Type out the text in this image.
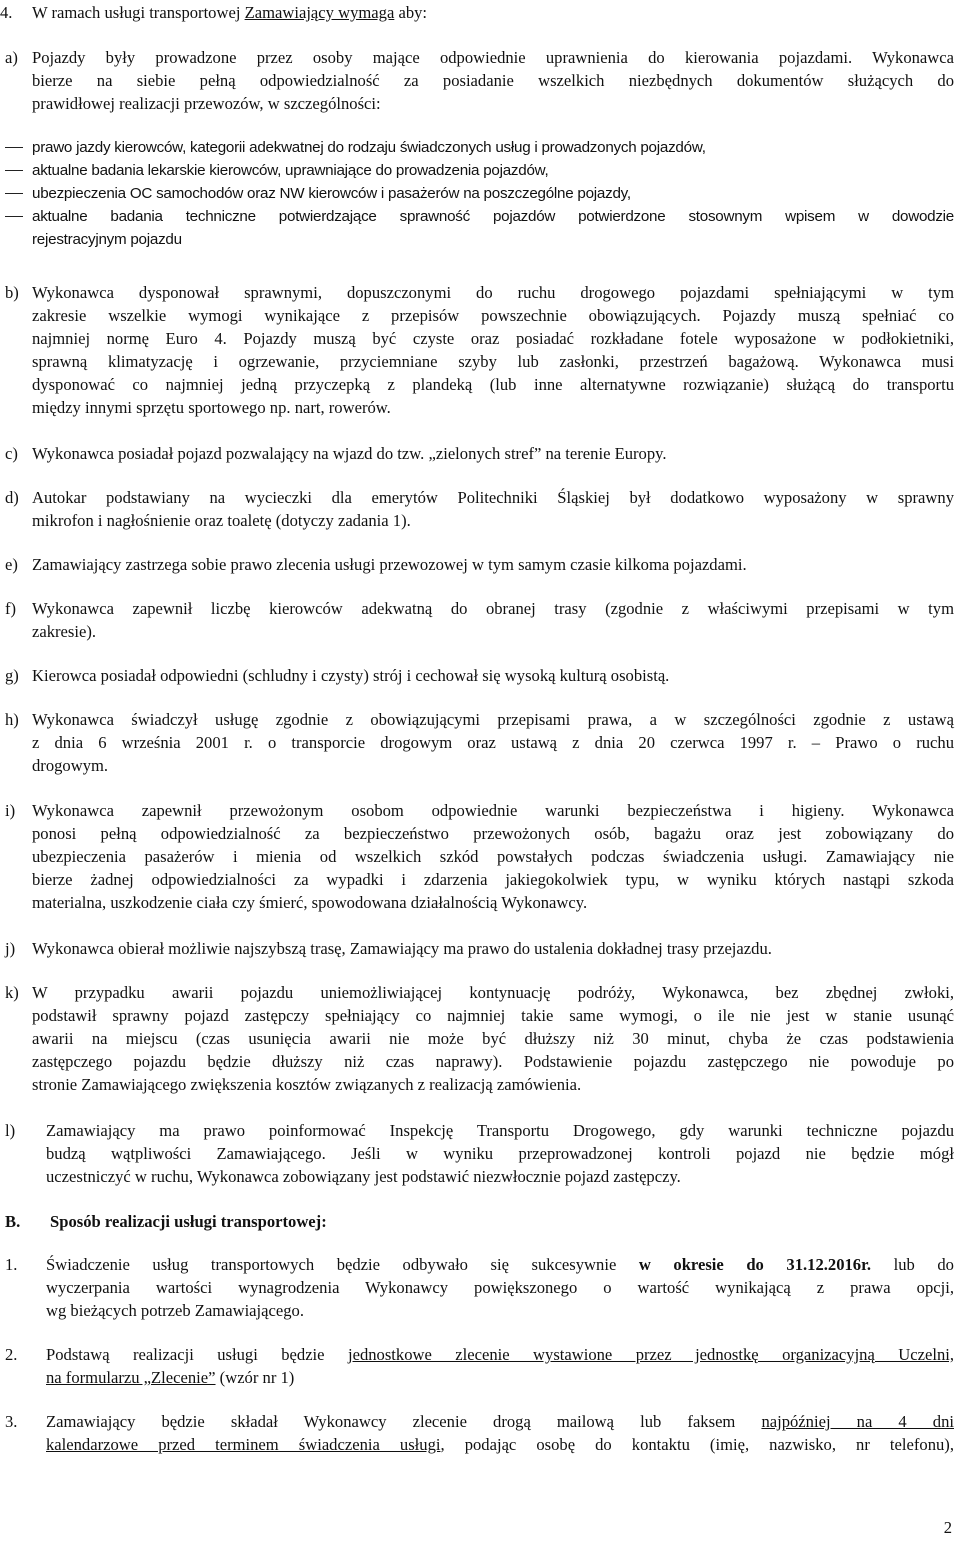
4. W ramach usługi transportowej Zamawiający wymaga aby:
a) Pojazdy były prowadzone przez osoby mające odpowiednie uprawnienia do kierowania pojazdami. Wykonawca
bierze na siebie pełną odpowiedzialność za posiadanie wszelkich niezbędnych dokumentów służących do
prawidłowej realizacji przewozów, w szczególności:
prawo jazdy kierowców, kategorii adekwatnej do rodzaju świadczonych usług i prowadzonych pojazdów,
aktualne badania lekarskie kierowców, uprawniające do prowadzenia pojazdów,
ubezpieczenia OC samochodów oraz NW kierowców i pasażerów na poszczególne pojazdy,
aktualne badania techniczne potwierdzające sprawność pojazdów potwierdzone stosownym wpisem w dowodzie
rejestracyjnym pojazdu
b) Wykonawca dysponował sprawnymi, dopuszczonymi do ruchu drogowego pojazdami spełniającymi w tym
zakresie wszelkie wymogi wynikające z przepisów powszechnie obowiązujących. Pojazdy muszą spełniać co
najmniej normę Euro 4. Pojazdy muszą być czyste oraz posiadać rozkładane fotele wyposażone w podłokietniki,
sprawną klimatyzację i ogrzewanie, przyciemniane szyby lub zasłonki, przestrzeń bagażową. Wykonawca musi
dysponować co najmniej jedną przyczepką z plandeką (lub inne alternatywne rozwiązanie) służącą do transportu
między innymi sprzętu sportowego np. nart, rowerów.
c) Wykonawca posiadał pojazd pozwalający na wjazd do tzw. „zielonych stref” na terenie Europy.
d) Autokar podstawiany na wycieczki dla emerytów Politechniki Śląskiej był dodatkowo wyposażony w sprawny
mikrofon i nagłośnienie oraz toaletę (dotyczy zadania 1).
e) Zamawiający zastrzega sobie prawo zlecenia usługi przewozowej w tym samym czasie kilkoma pojazdami.
f) Wykonawca zapewnił liczbę kierowców adekwatną do obranej trasy (zgodnie z właściwymi przepisami w tym
zakresie).
g) Kierowca posiadał odpowiedni (schludny i czysty) strój i cechował się wysoką kulturą osobistą.
h) Wykonawca świadczył usługę zgodnie z obowiązującymi przepisami prawa, a w szczególności zgodnie z ustawą
z dnia 6 września 2001 r. o transporcie drogowym oraz ustawą z dnia 20 czerwca 1997 r. – Prawo o ruchu
drogowym.
i) Wykonawca zapewnił przewożonym osobom odpowiednie warunki bezpieczeństwa i higieny. Wykonawca
ponosi pełną odpowiedzialność za bezpieczeństwo przewożonych osób, bagażu oraz jest zobowiązany do
ubezpieczenia pasażerów i mienia od wszelkich szkód powstałych podczas świadczenia usługi. Zamawiający nie
bierze żadnej odpowiedzialności za wypadki i zdarzenia jakiegokolwiek typu, w wyniku których nastąpi szkoda
materialna, uszkodzenie ciała czy śmierć, spowodowana działalnością Wykonawcy.
j) Wykonawca obierał możliwie najszybszą trasę, Zamawiający ma prawo do ustalenia dokładnej trasy przejazdu.
k) W przypadku awarii pojazdu uniemożliwiającej kontynuację podróży, Wykonawca, bez zbędnej zwłoki,
podstawił sprawny pojazd zastępczy spełniający co najmniej takie same wymogi, o ile nie jest w stanie usunąć
awarii na miejscu (czas usunięcia awarii nie może być dłuższy niż 30 minut, chyba że czas podstawienia
zastępczego pojazdu będzie dłuższy niż czas naprawy). Podstawienie pojazdu zastępczego nie powoduje po
stronie Zamawiającego zwiększenia kosztów związanych z realizacją zamówienia.
l) Zamawiający ma prawo poinformować Inspekcję Transportu Drogowego, gdy warunki techniczne pojazdu
budzą wątpliwości Zamawiającego. Jeśli w wyniku przeprowadzonej kontroli pojazd nie będzie mógł
uczestniczyć w ruchu, Wykonawca zobowiązany jest podstawić niezwłocznie pojazd zastępczy.
B. Sposób realizacji usługi transportowej:
1. Świadczenie usług transportowych będzie odbywało się sukcesywnie w okresie do 31.12.2016r. lub do
wyczerpania wartości wynagrodzenia Wykonawcy powiększonego o wartość wynikającą z prawa opcji,
wg bieżących potrzeb Zamawiającego.
2. Podstawą realizacji usługi będzie jednostkowe zlecenie wystawione przez jednostkę organizacyjną Uczelni,
na formularzu „Zlecenie” (wzór nr 1)
3. Zamawiający będzie składał Wykonawcy zlecenie drogą mailową lub faksem najpóźniej na 4 dni
kalendarzowe przed terminem świadczenia usługi, podając osobę do kontaktu (imię, nazwisko, nr telefonu),
2
